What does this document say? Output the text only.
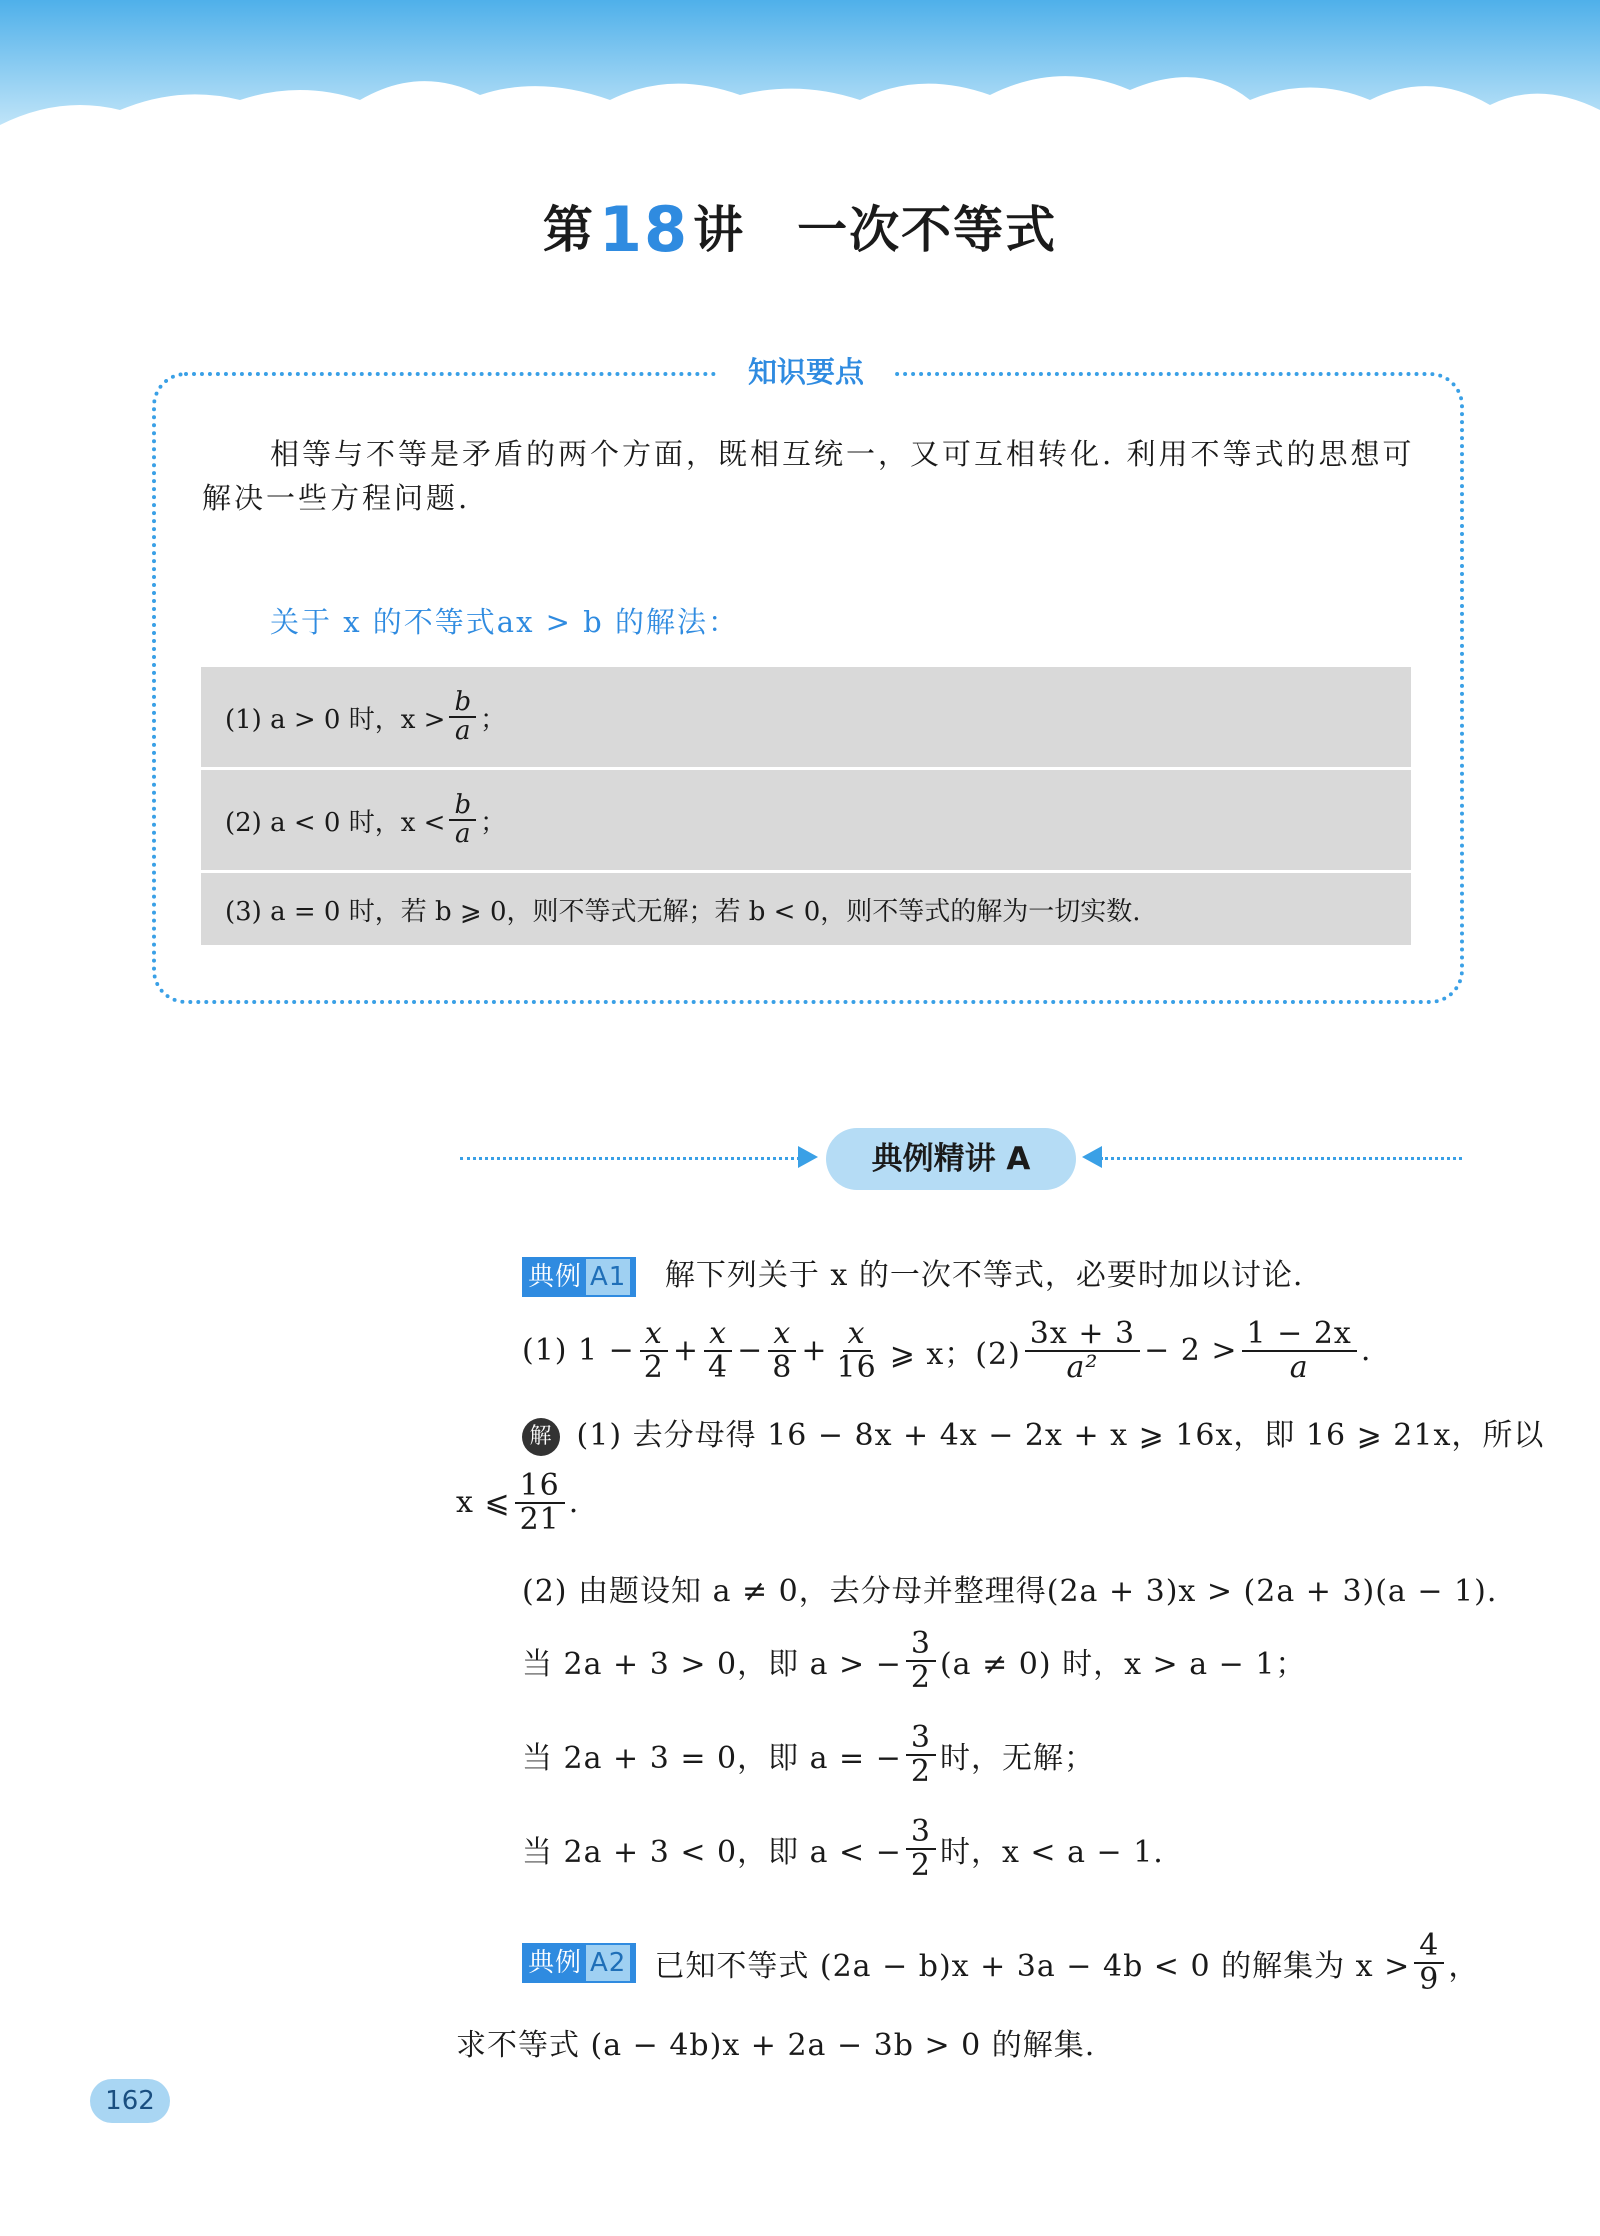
第18讲 一次不等式
知识要点
相等与不等是矛盾的两个方面，既相互统一，又可互相转化. 利用不等式的思想可
解决一些方程问题.
关于 x 的不等式ax > b 的解法：
(1) a > 0 时，$x > \frac{b}{a}$ ；
(2) a < 0 时，$x < \frac{b}{a}$ ；
(3) a = 0 时，若 b ⩾ 0，则不等式无解；若 b < 0，则不等式的解为一切实数.
典例精讲 A
典例 A1 解下列关于 x 的一次不等式，必要时加以讨论.
(1) $1 - \frac{x}{2} + \frac{x}{4} - \frac{x}{8} + \frac{x}{16}$ ⩾ x；$(2) \frac{3x + 3}{\text{a²}} - 2 > \frac{1 - 2x}{a}$ .
解 (1) 去分母得 16 − 8x + 4x − 2x + x ⩾ 16x，即 16 ⩾ 21x，所以
x ⩽ $\frac{16}{21}$ .
(2) 由题设知 a ≠ 0，去分母并整理得(2a + 3)x > (2a + 3)(a − 1).
当 2a + 3 > 0，即 a > − $\frac{3}{2} (a \ne 0)$ 时，x > a − 1；
当 2a + 3 = 0，即 a = − $\frac{3}{2}$ 时，无解；
当 2a + 3 < 0，即 a < − $\frac{3}{2}$ 时，x < a − 1.
典例 A2 已知不等式 (2a − b)x + 3a − 4b < 0 的解集为 $x > \frac{4}{9}$ ，
求不等式 (a − 4b)x + 2a − 3b > 0 的解集.
162
